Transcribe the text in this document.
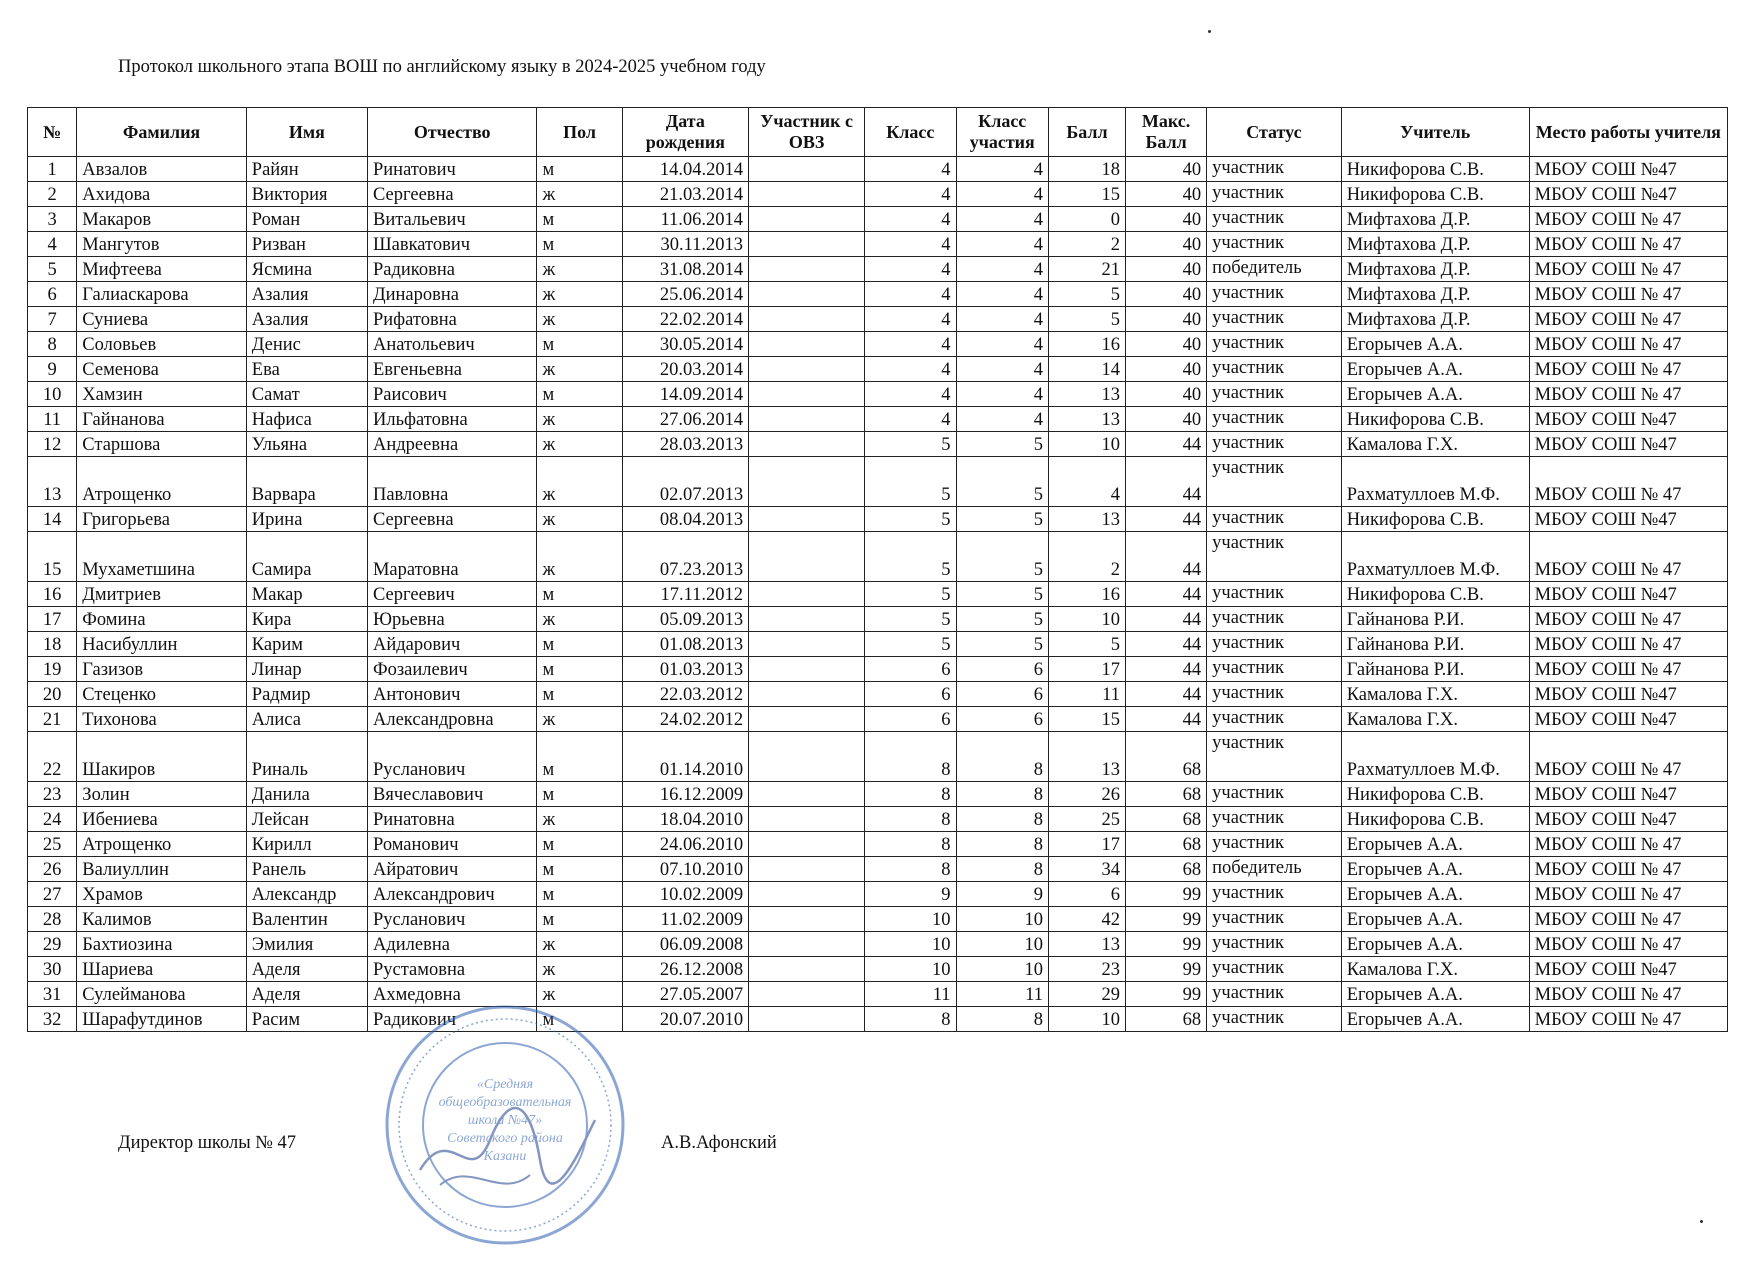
Протокол школьного этапа ВОШ по английскому языку в 2024-2025 учебном году
№	Фамилия	Имя	Отчество	Пол	Дата рождения	Участник с ОВЗ	Класс	Класс участия	Балл	Макс. Балл	Статус	Учитель	Место работы учителя
1	Авзалов	Райян	Ринатович	м	14.04.2014		4	4	18	40	участник	Никифорова С.В.	МБОУ СОШ №47
2	Ахидова	Виктория	Сергеевна	ж	21.03.2014		4	4	15	40	участник	Никифорова С.В.	МБОУ СОШ №47
3	Макаров	Роман	Витальевич	м	11.06.2014		4	4	0	40	участник	Мифтахова Д.Р.	МБОУ СОШ № 47
4	Мангутов	Ризван	Шавкатович	м	30.11.2013		4	4	2	40	участник	Мифтахова Д.Р.	МБОУ СОШ № 47
5	Мифтеева	Ясмина	Радиковна	ж	31.08.2014		4	4	21	40	победитель	Мифтахова Д.Р.	МБОУ СОШ № 47
6	Галиаскарова	Азалия	Динаровна	ж	25.06.2014		4	4	5	40	участник	Мифтахова Д.Р.	МБОУ СОШ № 47
7	Суниева	Азалия	Рифатовна	ж	22.02.2014		4	4	5	40	участник	Мифтахова Д.Р.	МБОУ СОШ № 47
8	Соловьев	Денис	Анатольевич	м	30.05.2014		4	4	16	40	участник	Егорычев А.А.	МБОУ СОШ № 47
9	Семенова	Ева	Евгеньевна	ж	20.03.2014		4	4	14	40	участник	Егорычев А.А.	МБОУ СОШ № 47
10	Хамзин	Самат	Раисович	м	14.09.2014		4	4	13	40	участник	Егорычев А.А.	МБОУ СОШ № 47
11	Гайнанова	Нафиса	Ильфатовна	ж	27.06.2014		4	4	13	40	участник	Никифорова С.В.	МБОУ СОШ №47
12	Старшова	Ульяна	Андреевна	ж	28.03.2013		5	5	10	44	участник	Камалова Г.Х.	МБОУ СОШ №47
13	Атрощенко	Варвара	Павловна	ж	02.07.2013		5	5	4	44	участник	Рахматуллоев М.Ф.	МБОУ СОШ № 47
14	Григорьева	Ирина	Сергеевна	ж	08.04.2013		5	5	13	44	участник	Никифорова С.В.	МБОУ СОШ №47
15	Мухаметшина	Самира	Маратовна	ж	07.23.2013		5	5	2	44	участник	Рахматуллоев М.Ф.	МБОУ СОШ № 47
16	Дмитриев	Макар	Сергеевич	м	17.11.2012		5	5	16	44	участник	Никифорова С.В.	МБОУ СОШ №47
17	Фомина	Кира	Юрьевна	ж	05.09.2013		5	5	10	44	участник	Гайнанова Р.И.	МБОУ СОШ № 47
18	Насибуллин	Карим	Айдарович	м	01.08.2013		5	5	5	44	участник	Гайнанова Р.И.	МБОУ СОШ № 47
19	Газизов	Линар	Фозаилевич	м	01.03.2013		6	6	17	44	участник	Гайнанова Р.И.	МБОУ СОШ № 47
20	Стеценко	Радмир	Антонович	м	22.03.2012		6	6	11	44	участник	Камалова Г.Х.	МБОУ СОШ №47
21	Тихонова	Алиса	Александровна	ж	24.02.2012		6	6	15	44	участник	Камалова Г.Х.	МБОУ СОШ №47
22	Шакиров	Риналь	Русланович	м	01.14.2010		8	8	13	68	участник	Рахматуллоев М.Ф.	МБОУ СОШ № 47
23	Золин	Данила	Вячеславович	м	16.12.2009		8	8	26	68	участник	Никифорова С.В.	МБОУ СОШ №47
24	Ибениева	Лейсан	Ринатовна	ж	18.04.2010		8	8	25	68	участник	Никифорова С.В.	МБОУ СОШ №47
25	Атрощенко	Кирилл	Романович	м	24.06.2010		8	8	17	68	участник	Егорычев А.А.	МБОУ СОШ № 47
26	Валиуллин	Ранель	Айратович	м	07.10.2010		8	8	34	68	победитель	Егорычев А.А.	МБОУ СОШ № 47
27	Храмов	Александр	Александрович	м	10.02.2009		9	9	6	99	участник	Егорычев А.А.	МБОУ СОШ № 47
28	Калимов	Валентин	Русланович	м	11.02.2009		10	10	42	99	участник	Егорычев А.А.	МБОУ СОШ № 47
29	Бахтиозина	Эмилия	Адилевна	ж	06.09.2008		10	10	13	99	участник	Егорычев А.А.	МБОУ СОШ № 47
30	Шариева	Аделя	Рустамовна	ж	26.12.2008		10	10	23	99	участник	Камалова Г.Х.	МБОУ СОШ №47
31	Сулейманова	Аделя	Ахмедовна	ж	27.05.2007		11	11	29	99	участник	Егорычев А.А.	МБОУ СОШ № 47
32	Шарафутдинов	Расим	Радикович	м	20.07.2010		8	8	10	68	участник	Егорычев А.А.	МБОУ СОШ № 47
«Средняя
общеобразовательная
школа №47»
Советского района
Казани
Директор школы № 47	А.В.Афонский
